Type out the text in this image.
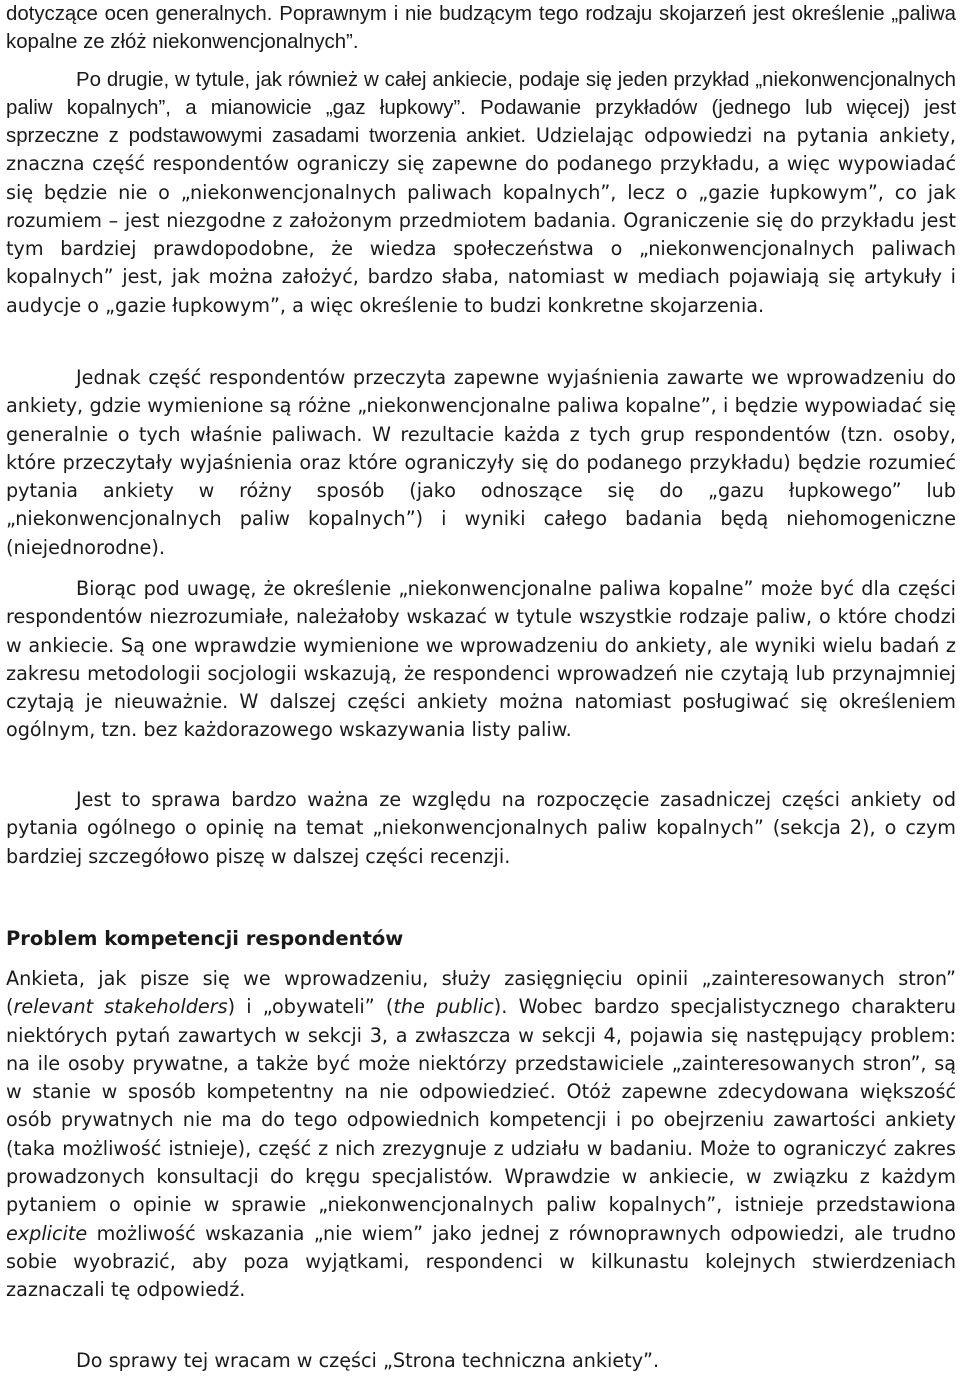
dotyczące ocen generalnych. Poprawnym i nie budzącym tego rodzaju skojarzeń jest określenie „paliwa kopalne ze złóż niekonwencjonalnych”.

Po drugie, w tytule, jak również w całej ankiecie, podaje się jeden przykład „niekonwencjonalnych paliw kopalnych”, a mianowicie „gaz łupkowy”. Podawanie przykładów (jednego lub więcej) jest sprzeczne z podstawowymi zasadami tworzenia ankiet. Udzielając odpowiedzi na pytania ankiety, znaczna część respondentów ograniczy się zapewne do podanego przykładu, a więc wypowiadać się będzie nie o „niekonwencjonalnych paliwach kopalnych”, lecz o „gazie łupkowym”, co jak rozumiem – jest niezgodne z założonym przedmiotem badania. Ograniczenie się do przykładu jest tym bardziej prawdopodobne, że wiedza społeczeństwa o „niekonwencjonalnych paliwach kopalnych” jest, jak można założyć, bardzo słaba, natomiast w mediach pojawiają się artykuły i audycje o „gazie łupkowym”, a więc określenie to budzi konkretne skojarzenia.

Jednak część respondentów przeczyta zapewne wyjaśnienia zawarte we wprowadzeniu do ankiety, gdzie wymienione są różne „niekonwencjonalne paliwa kopalne”, i będzie wypowiadać się generalnie o tych właśnie paliwach. W rezultacie każda z tych grup respondentów (tzn. osoby, które przeczytały wyjaśnienia oraz które ograniczyły się do podanego przykładu) będzie rozumieć pytania ankiety w różny sposób (jako odnoszące się do „gazu łupkowego” lub „niekonwencjonalnych paliw kopalnych”) i wyniki całego badania będą niehomogeniczne (niejednorodne).

Biorąc pod uwagę, że określenie „niekonwencjonalne paliwa kopalne” może być dla części respondentów niezrozumiałe, należałoby wskazać w tytule wszystkie rodzaje paliw, o które chodzi w ankiecie. Są one wprawdzie wymienione we wprowadzeniu do ankiety, ale wyniki wielu badań z zakresu metodologii socjologii wskazują, że respondenci wprowadzeń nie czytają lub przynajmniej czytają je nieuważnie. W dalszej części ankiety można natomiast posługiwać się określeniem ogólnym, tzn. bez każdorazowego wskazywania listy paliw.

Jest to sprawa bardzo ważna ze względu na rozpoczęcie zasadniczej części ankiety od pytania ogólnego o opinię na temat „niekonwencjonalnych paliw kopalnych” (sekcja 2), o czym bardziej szczegółowo piszę w dalszej części recenzji.

Problem kompetencji respondentów

Ankieta, jak pisze się we wprowadzeniu, służy zasięgnięciu opinii „zainteresowanych stron” (relevant stakeholders) i „obywateli” (the public). Wobec bardzo specjalistycznego charakteru niektórych pytań zawartych w sekcji 3, a zwłaszcza w sekcji 4, pojawia się następujący problem: na ile osoby prywatne, a także być może niektórzy przedstawiciele „zainteresowanych stron”, są w stanie w sposób kompetentny na nie odpowiedzieć. Otóż zapewne zdecydowana większość osób prywatnych nie ma do tego odpowiednich kompetencji i po obejrzeniu zawartości ankiety (taka możliwość istnieje), część z nich zrezygnuje z udziału w badaniu. Może to ograniczyć zakres prowadzonych konsultacji do kręgu specjalistów. Wprawdzie w ankiecie, w związku z każdym pytaniem o opinie w sprawie „niekonwencjonalnych paliw kopalnych”, istnieje przedstawiona explicite możliwość wskazania „nie wiem” jako jednej z równoprawnych odpowiedzi, ale trudno sobie wyobrazić, aby poza wyjątkami, respondenci w kilkunastu kolejnych stwierdzeniach zaznaczali tę odpowiedź.

Do sprawy tej wracam w części „Strona techniczna ankiety”.
